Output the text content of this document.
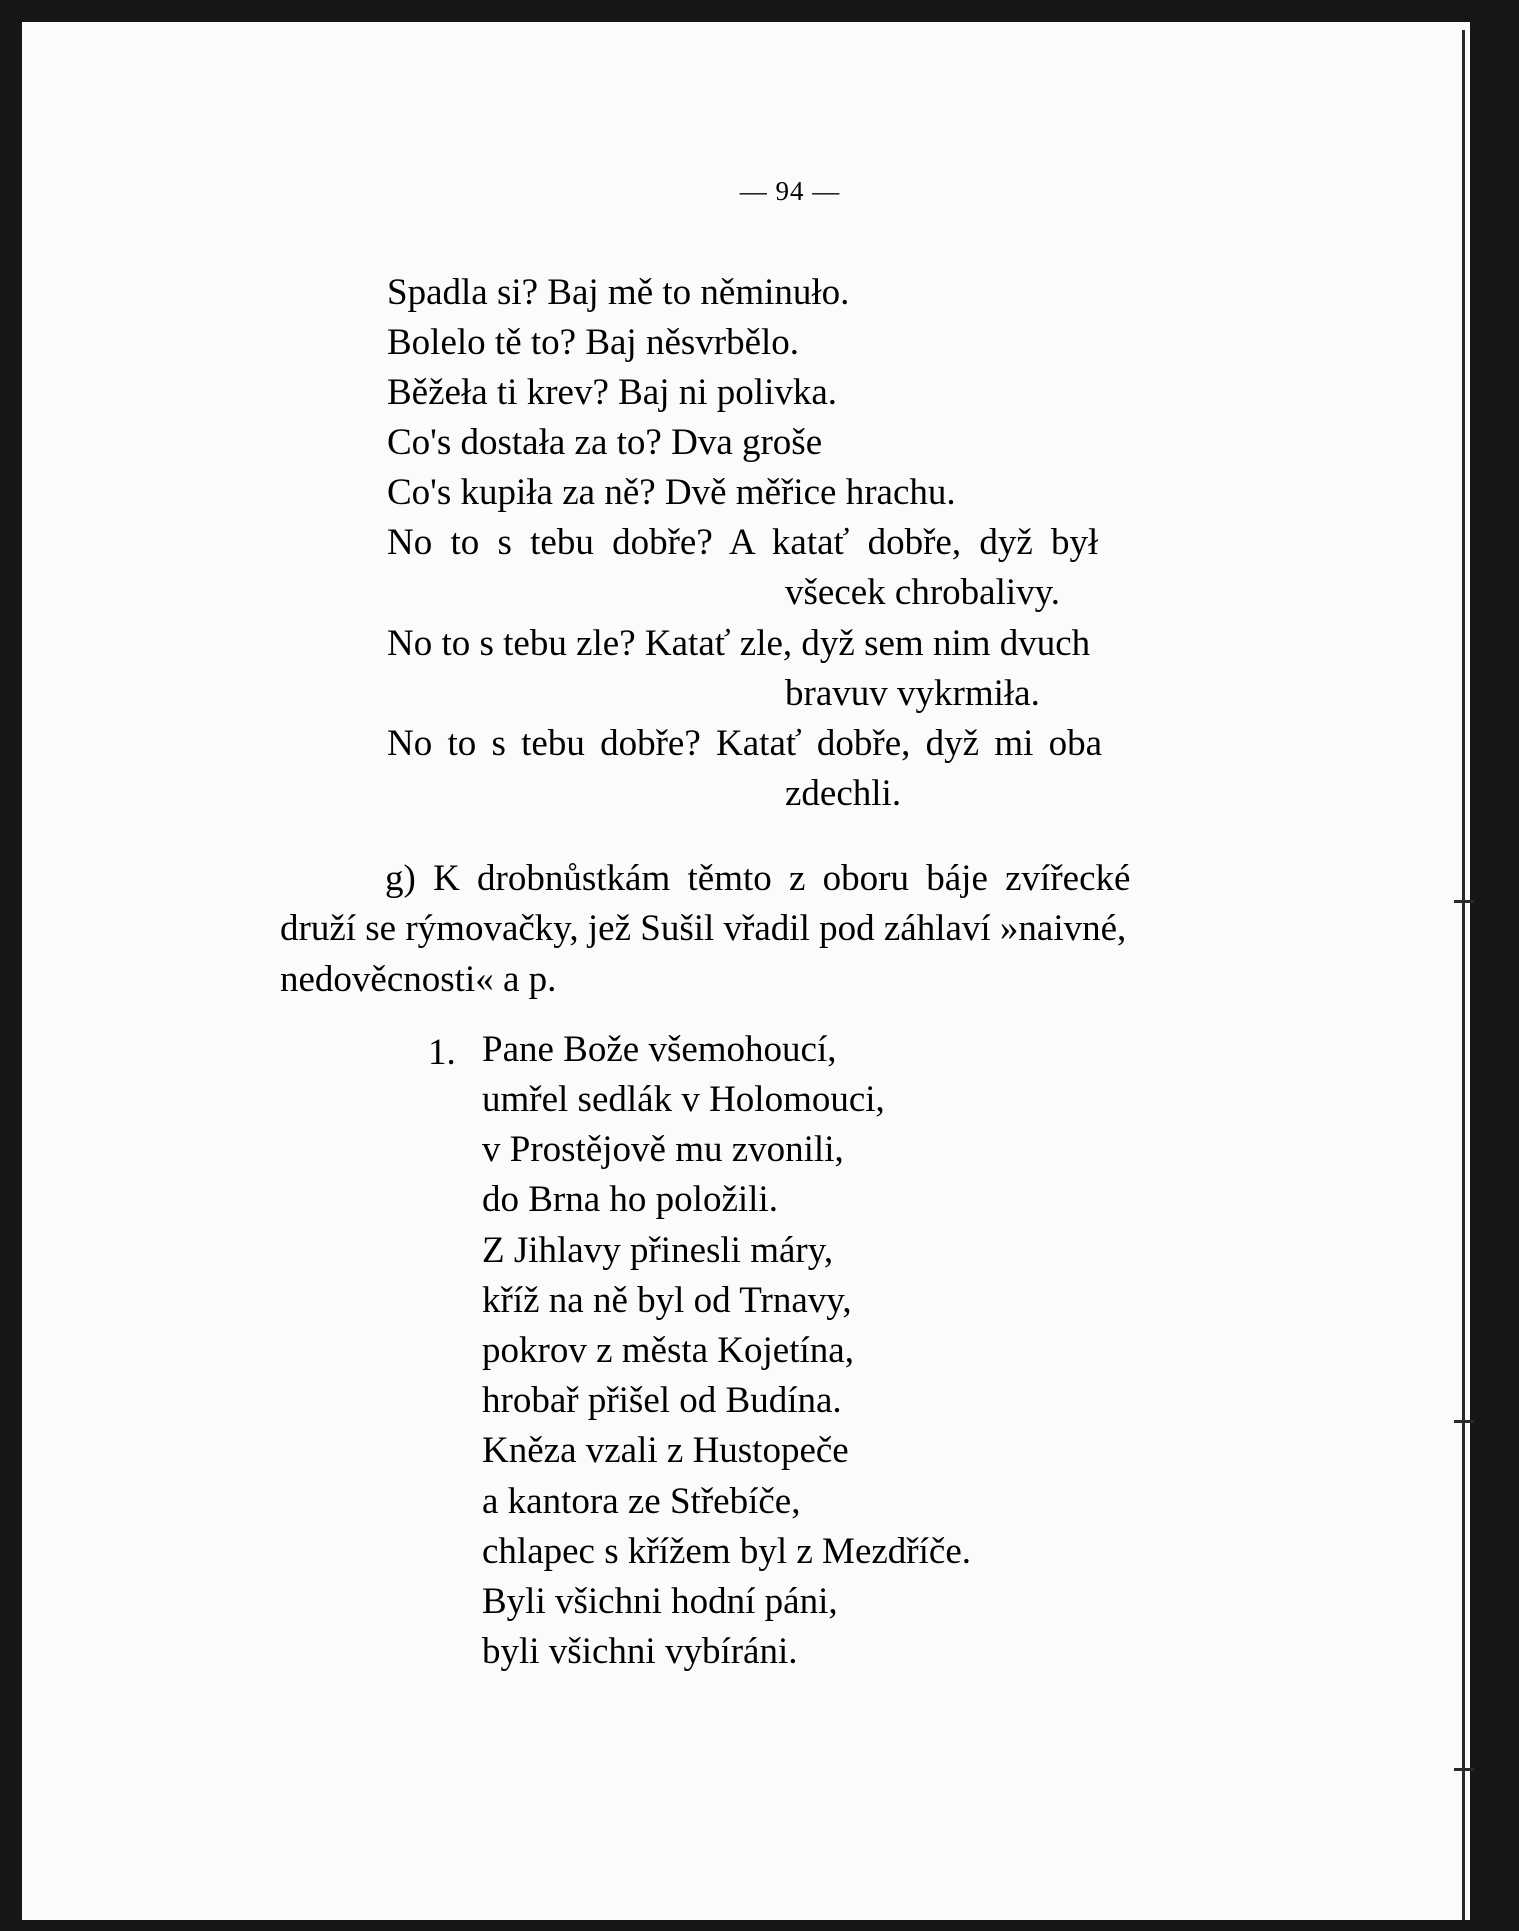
— 94 —
Spadla si? Baj mě to něminuło.
Bolelo tě to? Baj něsvrbělo.
Běžeła ti krev? Baj ni polivka.
Co's dostała za to? Dva groše
Co's kupiła za ně? Dvě měřice hrachu.
No to s tebu dobře? A katať dobře, dyž był
všecek chrobalivy.
No to s tebu zle? Katať zle, dyž sem nim dvuch
bravuv vykrmiła.
No to s tebu dobře? Katať dobře, dyž mi oba
zdechli.
g) K drobnůstkám těmto z oboru báje zvířecké
druží se rýmovačky, jež Sušil vřadil pod záhlaví »naivné,
nedověcnosti« a p.
1. Pane Bože všemohoucí,
umřel sedlák v Holomouci,
v Prostějově mu zvonili,
do Brna ho položili.
Z Jihlavy přinesli máry,
kříž na ně byl od Trnavy,
pokrov z města Kojetína,
hrobař přišel od Budína.
Kněza vzali z Hustopeče
a kantora ze Střebíče,
chlapec s křížem byl z Mezdříče.
Byli všichni hodní páni,
byli všichni vybíráni.
